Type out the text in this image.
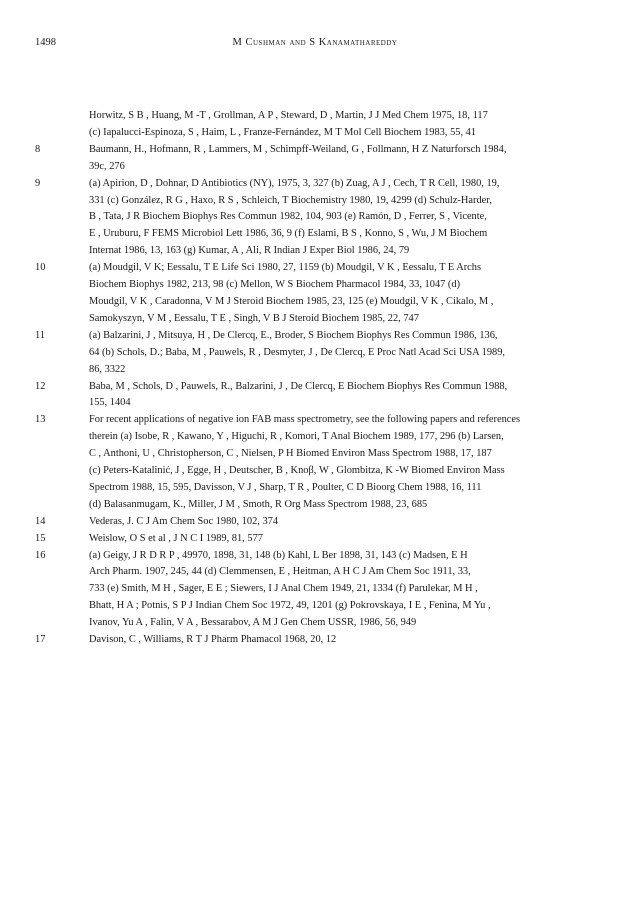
1498	M Cushman and S Kanamathareddy
Horwitz, S B , Huang, M -T , Grollman, A P , Steward, D , Martin, J J Med Chem 1975, 18, 117
(c) Iapalucci-Espinoza, S , Haim, L , Franze-Fernández, M T Mol Cell Biochem 1983, 55, 41
8	Baumann, H., Hofmann, R , Lammers, M , Schimpff-Weiland, G , Follmann, H Z Naturforsch 1984,
39c, 276
9	(a) Apirion, D , Dohnar, D Antibiotics (NY), 1975, 3, 327 (b) Zuag, A J , Cech, T R Cell, 1980, 19,
331 (c) González, R G , Haxo, R S , Schleich, T Biochemistry 1980, 19, 4299 (d) Schulz-Harder,
B , Tata, J R Biochem Biophys Res Commun 1982, 104, 903 (e) Ramón, D , Ferrer, S , Vicente,
E , Uruburu, F FEMS Microbiol Lett 1986, 36, 9 (f) Eslami, B S , Konno, S , Wu, J M Biochem
Internat 1986, 13, 163 (g) Kumar, A , Ali, R Indian J Exper Biol 1986, 24, 79
10	(a) Moudgil, V K; Eessalu, T E Life Sci 1980, 27, 1159 (b) Moudgil, V K , Eessalu, T E Archs
Biochem Biophys 1982, 213, 98 (c) Mellon, W S Biochem Pharmacol 1984, 33, 1047 (d)
Moudgil, V K , Caradonna, V M J Steroid Biochem 1985, 23, 125 (e) Moudgil, V K , Cikalo, M ,
Samokyszyn, V M , Eessalu, T E , Singh, V B J Steroid Biochem 1985, 22, 747
11	(a) Balzarini, J , Mitsuya, H , De Clercq, E., Broder, S Biochem Biophys Res Commun 1986, 136,
64 (b) Schols, D.; Baba, M , Pauwels, R , Desmyter, J , De Clercq, E Proc Natl Acad Sci USA 1989,
86, 3322
12	Baba, M , Schols, D , Pauwels, R., Balzarini, J , De Clercq, E Biochem Biophys Res Commun 1988,
155, 1404
13	For recent applications of negative ion FAB mass spectrometry, see the following papers and references
therein (a) Isobe, R , Kawano, Y , Higuchi, R , Komori, T Anal Biochem 1989, 177, 296 (b) Larsen,
C , Anthoni, U , Christopherson, C , Nielsen, P H Biomed Environ Mass Spectrom 1988, 17, 187
(c) Peters-Katalinić, J , Egge, H , Deutscher, B , Knoβ, W , Glombitza, K -W Biomed Environ Mass
Spectrom 1988, 15, 595, Davisson, V J , Sharp, T R , Poulter, C D Bioorg Chem 1988, 16, 111
(d) Balasanmugam, K., Miller, J M , Smoth, R Org Mass Spectrom 1988, 23, 685
14	Vederas, J. C J Am Chem Soc 1980, 102, 374
15	Weislow, O S et al , J N C I 1989, 81, 577
16	(a) Geigy, J R D R P , 49970, 1898, 31, 148 (b) Kahl, L Ber 1898, 31, 143 (c) Madsen, E H
Arch Pharm. 1907, 245, 44 (d) Clemmensen, E , Heitman, A H C J Am Chem Soc 1911, 33,
733 (e) Smith, M H , Sager, E E ; Siewers, I J Anal Chem 1949, 21, 1334 (f) Parulekar, M H ,
Bhatt, H A ; Potnis, S P J Indian Chem Soc 1972, 49, 1201 (g) Pokrovskaya, I E , Fenina, M Yu ,
Ivanov, Yu A , Falin, V A , Bessarabov, A M J Gen Chem USSR, 1986, 56, 949
17	Davison, C , Williams, R T J Pharm Phamacol 1968, 20, 12
